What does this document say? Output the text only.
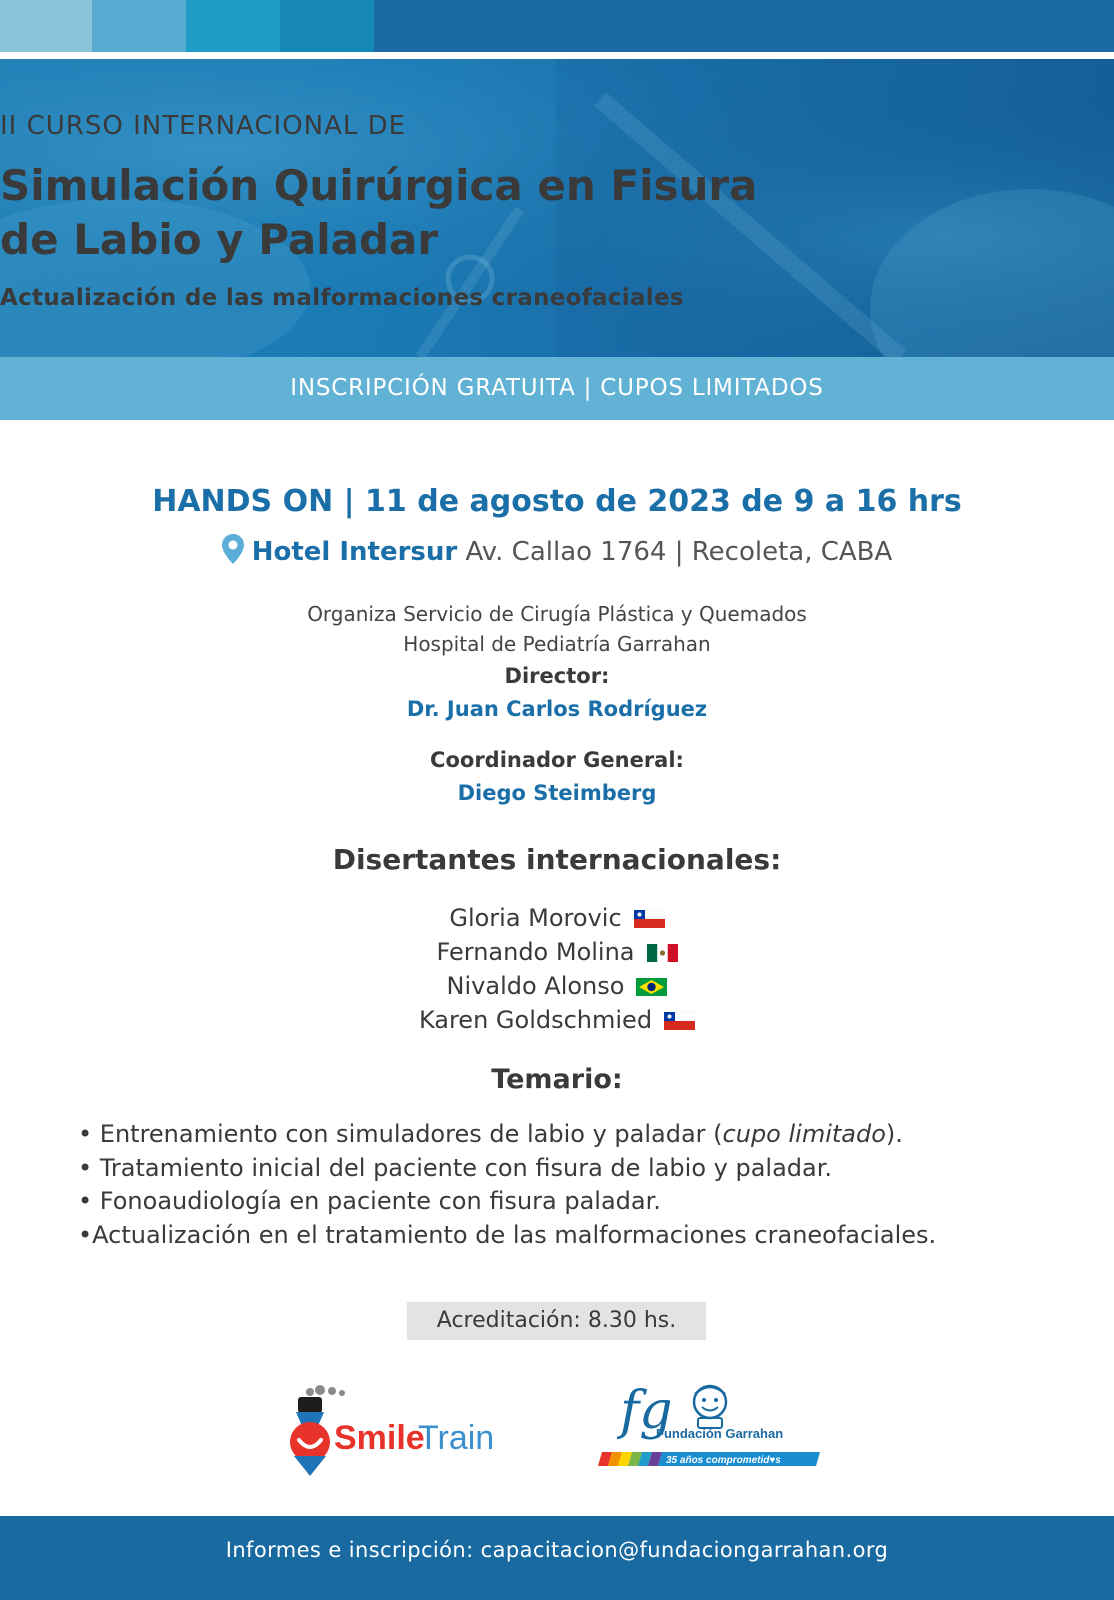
II CURSO INTERNACIONAL DE
Simulación Quirúrgica en Fisura
de Labio y Paladar
Actualización de las malformaciones craneofaciales
INSCRIPCIÓN GRATUITA | CUPOS LIMITADOS
HANDS ON | 11 de agosto de 2023 de 9 a 16 hrs
Hotel Intersur Av. Callao 1764 | Recoleta, CABA
Organiza Servicio de Cirugía Plástica y Quemados
Hospital de Pediatría Garrahan
Director:
Dr. Juan Carlos Rodríguez
Coordinador General:
Diego Steimberg
Disertantes internacionales:
Gloria Morovic
Fernando Molina
Nivaldo Alonso
Karen Goldschmied
Temario:
• Entrenamiento con simuladores de labio y paladar (cupo limitado).
• Tratamiento inicial del paciente con fisura de labio y paladar.
• Fonoaudiología en paciente con fisura paladar.
•Actualización en el tratamiento de las malformaciones craneofaciales.
Acreditación: 8.30 hs.
Smile
Train fg
Fundación Garrahan
35 años comprometid♥s
Informes e inscripción: capacitacion@fundaciongarrahan.org
